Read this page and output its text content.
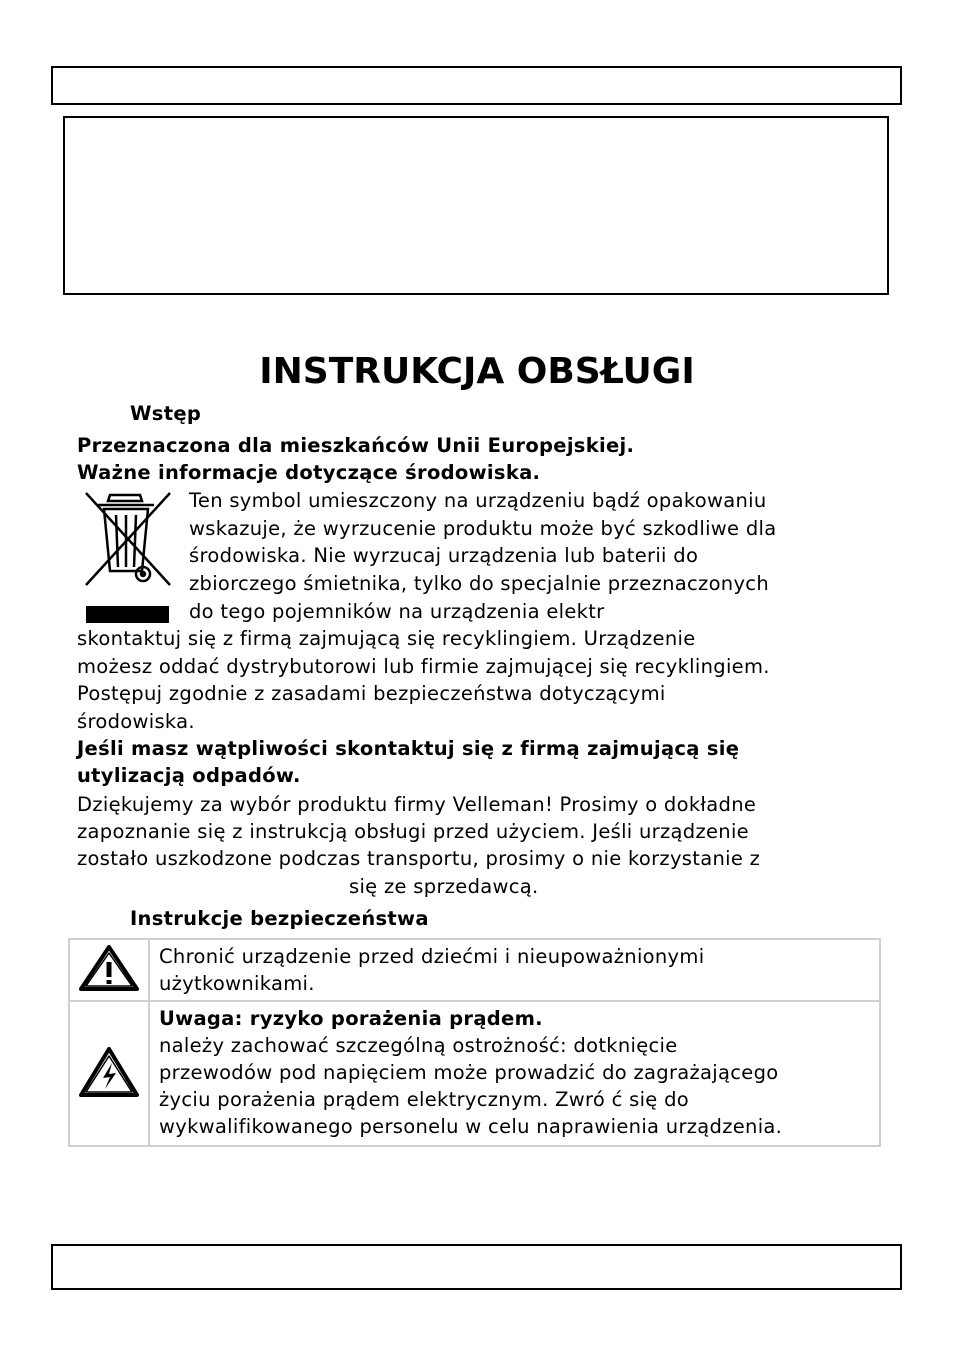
INSTRUKCJA OBSŁUGI
Wstęp
Przeznaczona dla mieszkańców Unii Europejskiej.
Ważne informacje dotyczące środowiska.
Ten symbol umieszczony na urządzeniu bądź opakowaniu
wskazuje, że wyrzucenie produktu może być szkodliwe dla
środowiska. Nie wyrzucaj urządzenia lub baterii do
zbiorczego śmietnika, tylko do specjalnie przeznaczonych
do tego pojemników na urządzenia elektr
skontaktuj się z firmą zajmującą się recyklingiem. Urządzenie
możesz oddać dystrybutorowi lub firmie zajmującej się recyklingiem.
Postępuj zgodnie z zasadami bezpieczeństwa dotyczącymi
środowiska.
Jeśli masz wątpliwości skontaktuj się z firmą zajmującą się
utylizacją odpadów.
Dziękujemy za wybór produktu firmy Velleman! Prosimy o dokładne
zapoznanie się z instrukcją obsługi przed użyciem. Jeśli urządzenie
zostało uszkodzone podczas transportu, prosimy o nie korzystanie z
się ze sprzedawcą.
Instrukcje bezpieczeństwa

Chronić urządzenie przed dziećmi i nieupoważnionymi
użytkownikami.

Uwaga: ryzyko porażenia prądem.
należy zachować szczególną ostrożność: dotknięcie
przewodów pod napięciem może prowadzić do zagrażającego
życiu porażenia prądem elektrycznym. Zwró ć się do
wykwalifikowanego personelu w celu naprawienia urządzenia.
